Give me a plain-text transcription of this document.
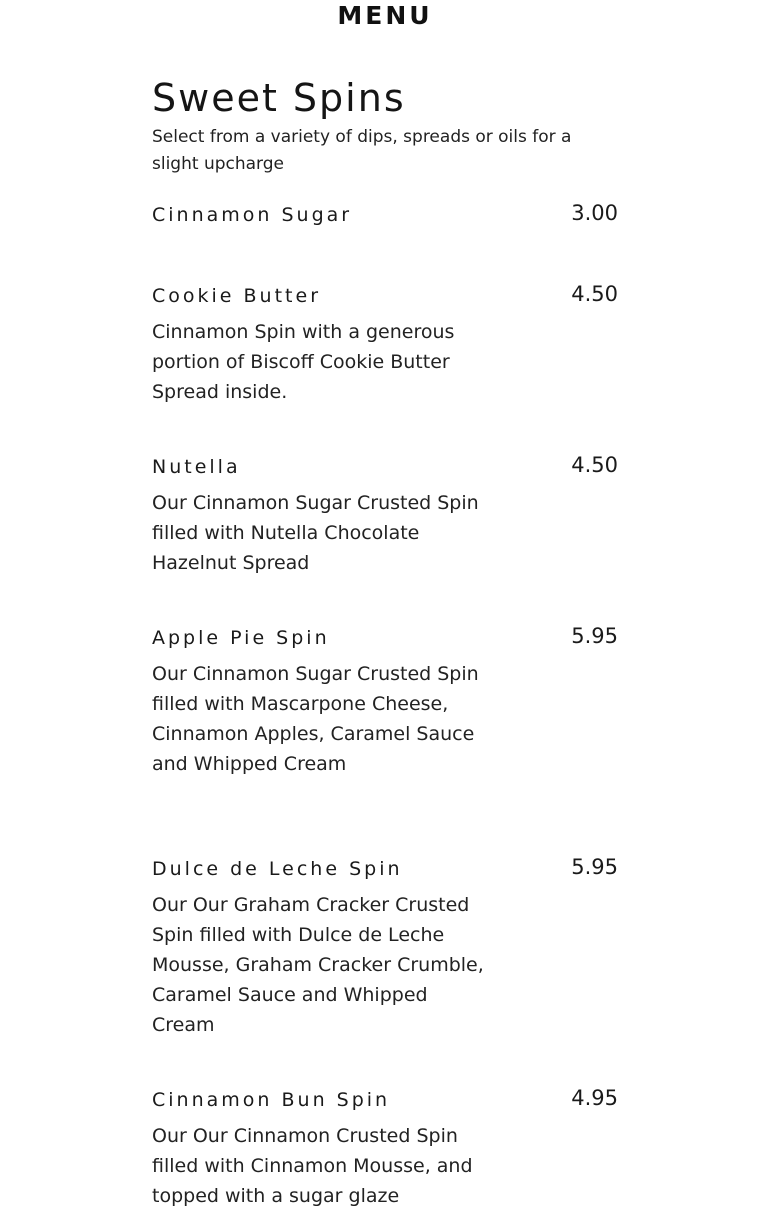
MENU
Sweet Spins

Select from a variety of dips, spreads or oils for a slight upcharge

Cinnamon Sugar	3.00
Cookie Butter	4.50

Cinnamon Spin with a generous portion of Biscoff Cookie Butter Spread inside.

Nutella	4.50

Our Cinnamon Sugar Crusted Spin filled with Nutella Chocolate Hazelnut Spread

Apple Pie Spin	5.95

Our Cinnamon Sugar Crusted Spin filled with Mascarpone Cheese, Cinnamon Apples, Caramel Sauce and Whipped Cream

Dulce de Leche Spin	5.95

Our Our Graham Cracker Crusted Spin filled with Dulce de Leche Mousse, Graham Cracker Crumble, Caramel Sauce and Whipped Cream

Cinnamon Bun Spin	4.95

Our Our Cinnamon Crusted Spin filled with Cinnamon Mousse, and topped with a sugar glaze
